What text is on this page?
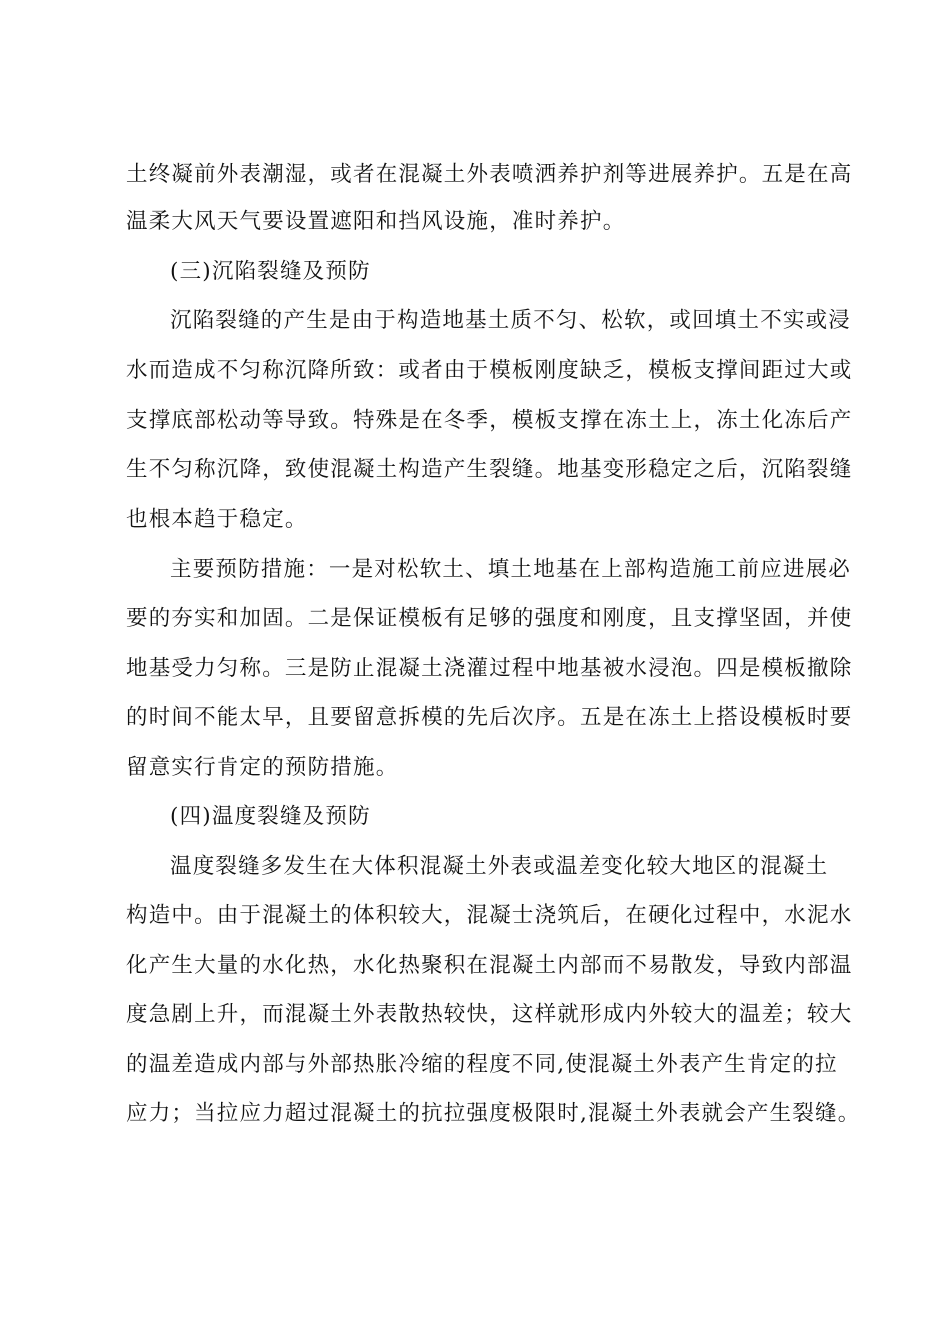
土终凝前外表潮湿，或者在混凝土外表喷洒养护剂等进展养护。五是在高
温柔大风天气要设置遮阳和挡风设施，准时养护。
(三)沉陷裂缝及预防
沉陷裂缝的产生是由于构造地基土质不匀、松软，或回填土不实或浸
水而造成不匀称沉降所致：或者由于模板刚度缺乏，模板支撑间距过大或
支撑底部松动等导致。特殊是在冬季，模板支撑在冻土上，冻土化冻后产
生不匀称沉降，致使混凝土构造产生裂缝。地基变形稳定之后，沉陷裂缝
也根本趋于稳定。
主要预防措施：一是对松软土、填土地基在上部构造施工前应进展必
要的夯实和加固。二是保证模板有足够的强度和刚度，且支撑坚固，并使
地基受力匀称。三是防止混凝土浇灌过程中地基被水浸泡。四是模板撤除
的时间不能太早，且要留意拆模的先后次序。五是在冻土上搭设模板时要
留意实行肯定的预防措施。
(四)温度裂缝及预防
温度裂缝多发生在大体积混凝土外表或温差变化较大地区的混凝土
构造中。由于混凝土的体积较大，混凝士浇筑后，在硬化过程中，水泥水
化产生大量的水化热，水化热聚积在混凝土内部而不易散发，导致内部温
度急剧上升，而混凝土外表散热较快，这样就形成内外较大的温差；较大
的温差造成内部与外部热胀冷缩的程度不同,使混凝土外表产生肯定的拉
应力；当拉应力超过混凝土的抗拉强度极限时,混凝土外表就会产生裂缝。
